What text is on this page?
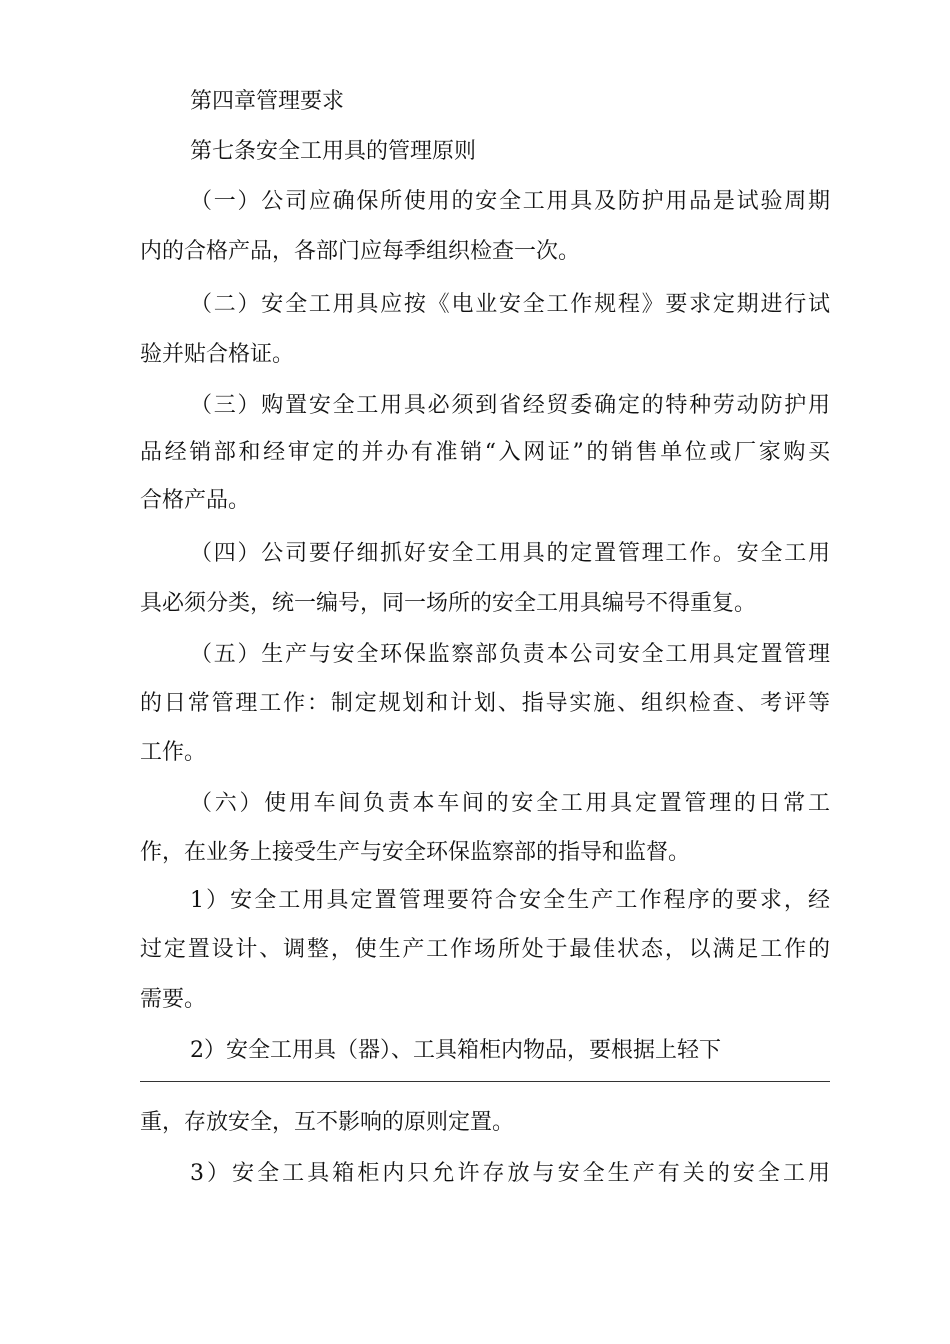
第四章管理要求
第七条安全工用具的管理原则
（一）公司应确保所使用的安全工用具及防护用品是试验周期
内的合格产品，各部门应每季组织检查一次。
（二）安全工用具应按《电业安全工作规程》要求定期进行试
验并贴合格证。
（三）购置安全工用具必须到省经贸委确定的特种劳动防护用
品经销部和经审定的并办有准销“入网证”的销售单位或厂家购买
合格产品。
（四）公司要仔细抓好安全工用具的定置管理工作。安全工用
具必须分类，统一编号，同一场所的安全工用具编号不得重复。
（五）生产与安全环保监察部负责本公司安全工用具定置管理
的日常管理工作：制定规划和计划、指导实施、组织检查、考评等
工作。
（六）使用车间负责本车间的安全工用具定置管理的日常工
作，在业务上接受生产与安全环保监察部的指导和监督。
1）安全工用具定置管理要符合安全生产工作程序的要求，经
过定置设计、调整，使生产工作场所处于最佳状态，以满足工作的
需要。
2）安全工用具（器）、工具箱柜内物品，要根据上轻下
重，存放安全，互不影响的原则定置。
3）安全工具箱柜内只允许存放与安全生产有关的安全工用
